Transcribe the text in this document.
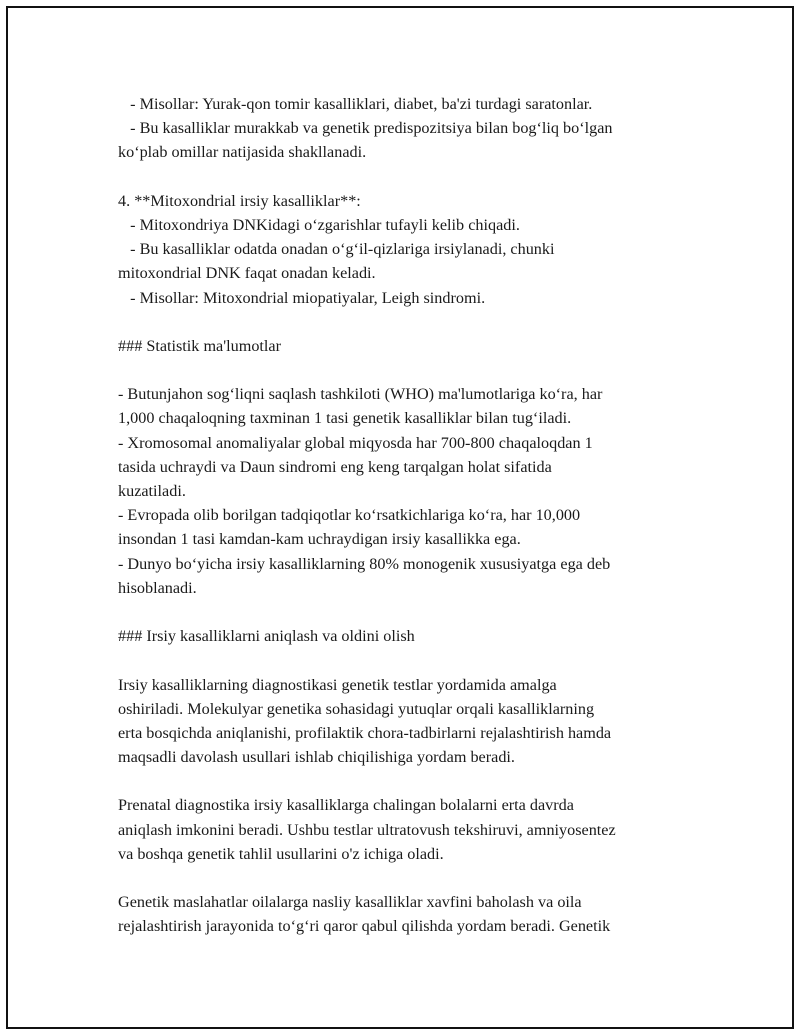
- Misollar: Yurak-qon tomir kasalliklari, diabet, ba'zi turdagi saratonlar.
- Bu kasalliklar murakkab va genetik predispozitsiya bilan bog‘liq bo‘lgan
ko‘plab omillar natijasida shakllanadi.
4. **Mitoxondrial irsiy kasalliklar**:
- Mitoxondriya DNKidagi o‘zgarishlar tufayli kelib chiqadi.
- Bu kasalliklar odatda onadan o‘g‘il-qizlariga irsiylanadi, chunki
mitoxondrial DNK faqat onadan keladi.
- Misollar: Mitoxondrial miopatiyalar, Leigh sindromi.
### Statistik ma'lumotlar
- Butunjahon sog‘liqni saqlash tashkiloti (WHO) ma'lumotlariga ko‘ra, har
1,000 chaqaloqning taxminan 1 tasi genetik kasalliklar bilan tug‘iladi.
- Xromosomal anomaliyalar global miqyosda har 700-800 chaqaloqdan 1
tasida uchraydi va Daun sindromi eng keng tarqalgan holat sifatida
kuzatiladi.
- Evropada olib borilgan tadqiqotlar ko‘rsatkichlariga ko‘ra, har 10,000
insondan 1 tasi kamdan-kam uchraydigan irsiy kasallikka ega.
- Dunyo bo‘yicha irsiy kasalliklarning 80% monogenik xususiyatga ega deb
hisoblanadi.
### Irsiy kasalliklarni aniqlash va oldini olish
Irsiy kasalliklarning diagnostikasi genetik testlar yordamida amalga
oshiriladi. Molekulyar genetika sohasidagi yutuqlar orqali kasalliklarning
erta bosqichda aniqlanishi, profilaktik chora-tadbirlarni rejalashtirish hamda
maqsadli davolash usullari ishlab chiqilishiga yordam beradi.
Prenatal diagnostika irsiy kasalliklarga chalingan bolalarni erta davrda
aniqlash imkonini beradi. Ushbu testlar ultratovush tekshiruvi, amniyosentez
va boshqa genetik tahlil usullarini o'z ichiga oladi.
Genetik maslahatlar oilalarga nasliy kasalliklar xavfini baholash va oila
rejalashtirish jarayonida to‘g‘ri qaror qabul qilishda yordam beradi. Genetik
